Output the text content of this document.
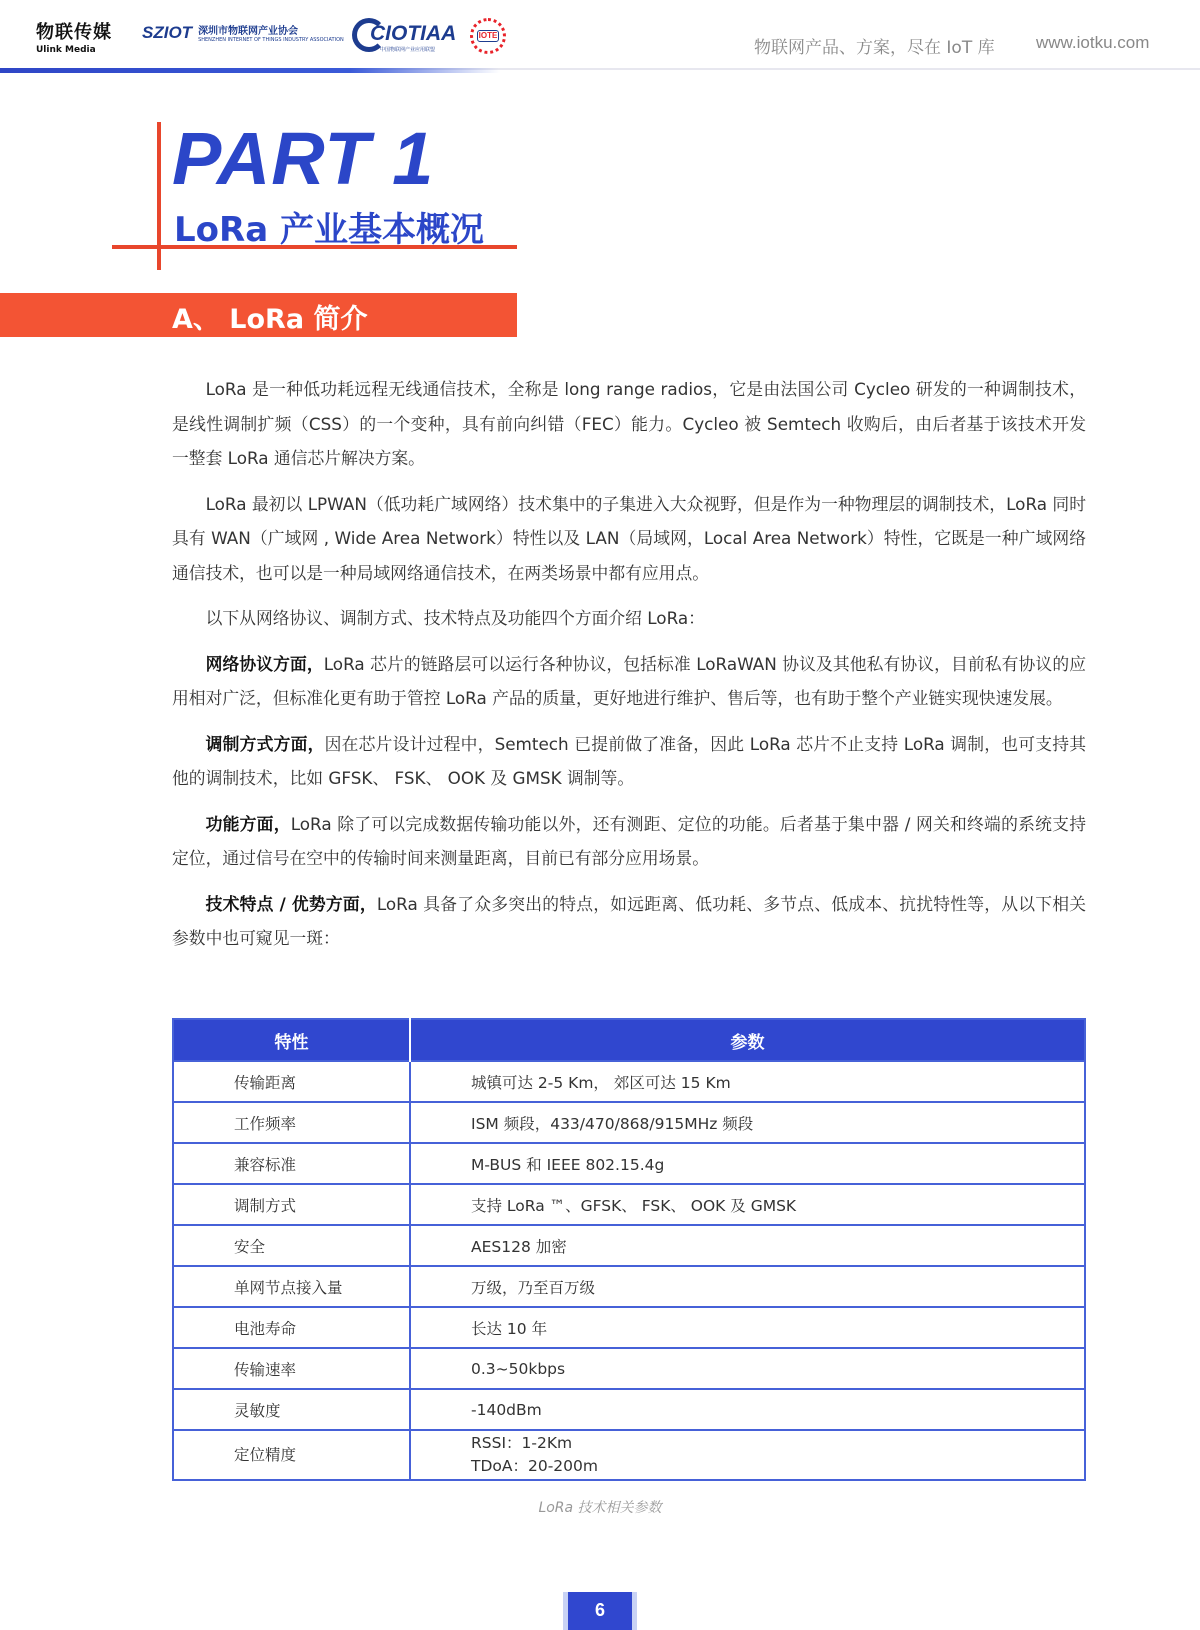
物联传媒
Ulink Media
SZIOT 深圳市物联网产业协会
SHENZHEN INTERNET OF THINGS INDUSTRY ASSOCIATION CIOTIAA
中国物联网产业应用联盟
IOTE
物联网产品、方案，尽在 IoT 库 www.iotku.com
PART 1
LoRa 产业基本概况
A、 LoRa 简介

LoRa 是一种低功耗远程无线通信技术，全称是 long range radios，它是由法国公司 Cycleo 研发的一种调制技术，是线性调制扩频（CSS）的一个变种，具有前向纠错（FEC）能力。Cycleo 被 Semtech 收购后，由后者基于该技术开发一整套 LoRa 通信芯片解决方案。

LoRa 最初以 LPWAN（低功耗广域网络）技术集中的子集进入大众视野，但是作为一种物理层的调制技术，LoRa 同时具有 WAN（广域网 , Wide Area Network）特性以及 LAN（局域网，Local Area Network）特性，它既是一种广域网络通信技术，也可以是一种局域网络通信技术，在两类场景中都有应用点。

以下从网络协议、调制方式、技术特点及功能四个方面介绍 LoRa：

网络协议方面，LoRa 芯片的链路层可以运行各种协议，包括标准 LoRaWAN 协议及其他私有协议，目前私有协议的应用相对广泛，但标准化更有助于管控 LoRa 产品的质量，更好地进行维护、售后等，也有助于整个产业链实现快速发展。

调制方式方面，因在芯片设计过程中，Semtech 已提前做了准备，因此 LoRa 芯片不止支持 LoRa 调制，也可支持其他的调制技术，比如 GFSK、 FSK、 OOK 及 GMSK 调制等。

功能方面，LoRa 除了可以完成数据传输功能以外，还有测距、定位的功能。后者基于集中器 / 网关和终端的系统支持定位，通过信号在空中的传输时间来测量距离，目前已有部分应用场景。

技术特点 / 优势方面，LoRa 具备了众多突出的特点，如远距离、低功耗、多节点、低成本、抗扰特性等，从以下相关参数中也可窥见一斑：

特性	参数
传输距离	城镇可达 2-5 Km， 郊区可达 15 Km
工作频率	ISM 频段，433/470/868/915MHz 频段
兼容标准	M-BUS 和 IEEE 802.15.4g
调制方式	支持 LoRa ™、GFSK、 FSK、 OOK 及 GMSK
安全	AES128 加密
单网节点接入量	万级，乃至百万级
电池寿命	长达 10 年
传输速率	0.3~50kbps
灵敏度	-140dBm
定位精度	RSSI：1-2Km
TDoA：20-200m
LoRa 技术相关参数
6
